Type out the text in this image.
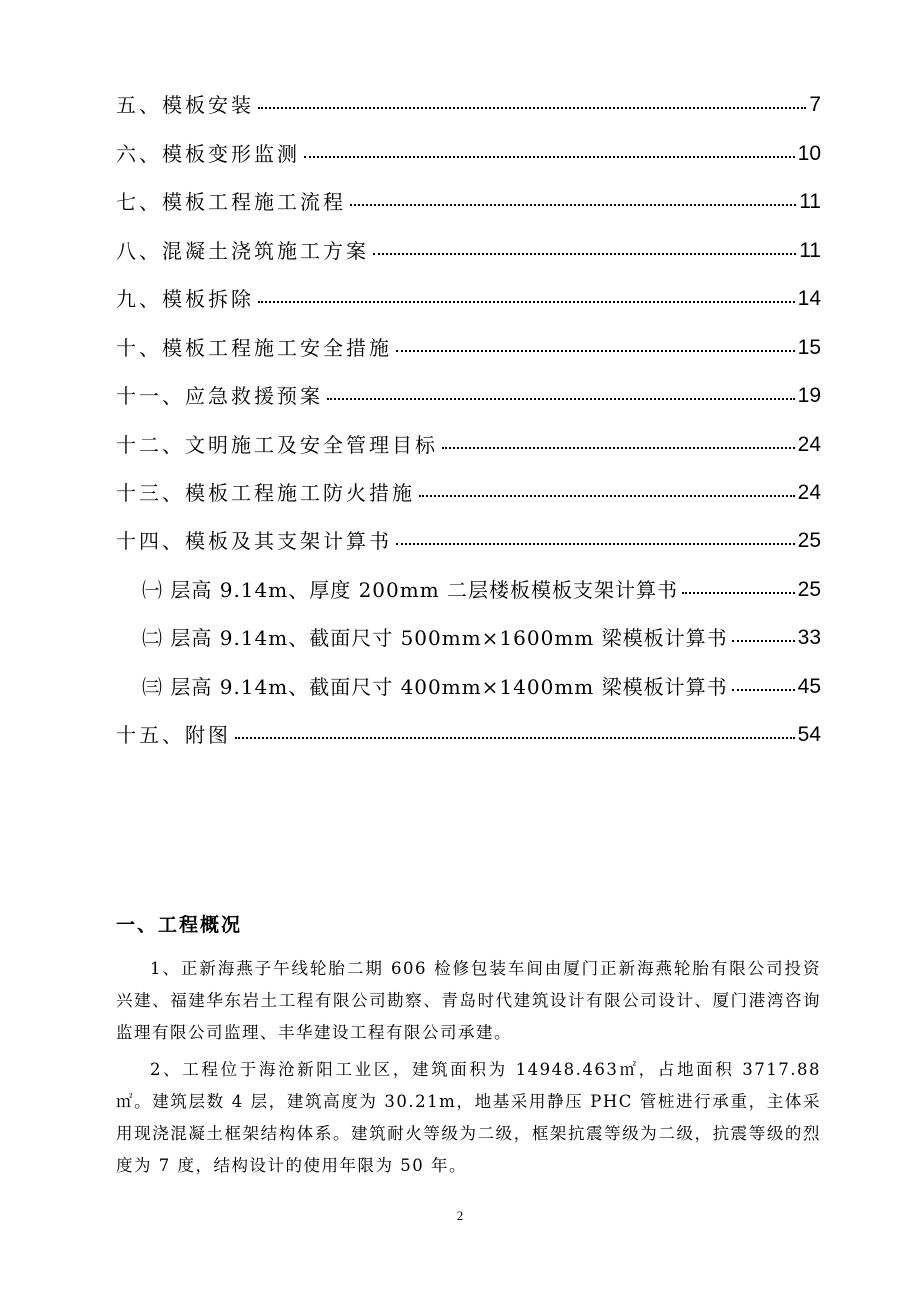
五、模板安装	7
六、模板变形监测	10
七、模板工程施工流程	11
八、混凝土浇筑施工方案	11
九、模板拆除	14
十、模板工程施工安全措施	15
十一、应急救援预案	19
十二、文明施工及安全管理目标	24
十三、模板工程施工防火措施	24
十四、模板及其支架计算书	25
㈠ 层高 9.14m、厚度 200mm 二层楼板模板支架计算书	25
㈡ 层高 9.14m、截面尺寸 500mm×1600mm 梁模板计算书	33
㈢ 层高 9.14m、截面尺寸 400mm×1400mm 梁模板计算书	45
十五、附图	54
一、工程概况

1、正新海燕子午线轮胎二期 606 检修包装车间由厦门正新海燕轮胎有限公司投资兴建、福建华东岩土工程有限公司勘察、青岛时代建筑设计有限公司设计、厦门港湾咨询监理有限公司监理、丰华建设工程有限公司承建。

2、工程位于海沧新阳工业区，建筑面积为 14948.463㎡，占地面积 3717.88㎡。建筑层数 4 层，建筑高度为 30.21m，地基采用静压 PHC 管桩进行承重，主体采用现浇混凝土框架结构体系。建筑耐火等级为二级，框架抗震等级为二级，抗震等级的烈度为 7 度，结构设计的使用年限为 50 年。

2
